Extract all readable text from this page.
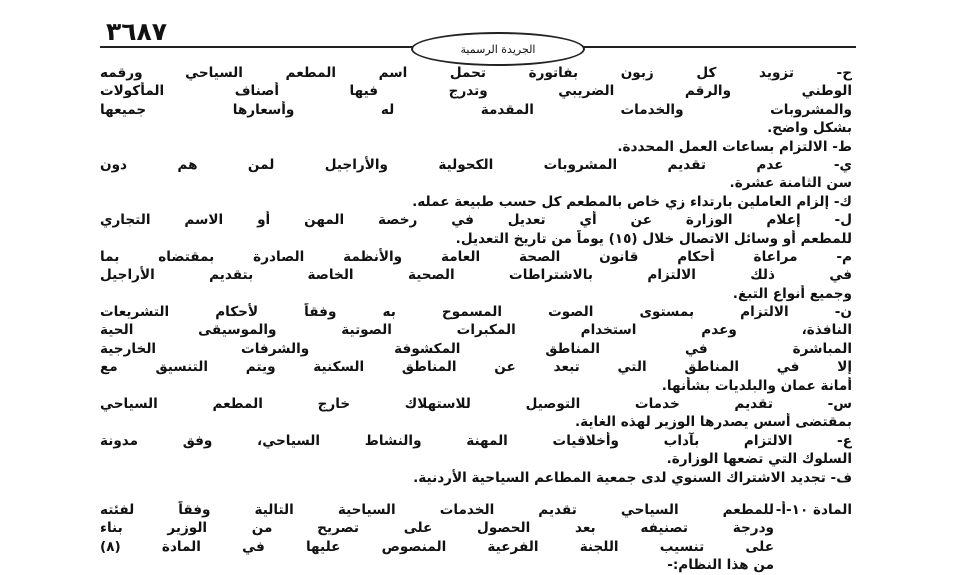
٣٦٨٧
الجريدة الرسمية
ح- تزويد كل زبون بفاتورة تحمل اسم المطعم السياحي ورقمه
الوطني والرقم الضريبي وتدرج فيها أصناف المأكولات
والمشروبات والخدمات المقدمة له وأسعارها جميعها
بشكل واضح.
ط- الالتزام بساعات العمل المحددة.
ي- عدم تقديم المشروبات الكحولية والأراجيل لمن هم دون
سن الثامنة عشرة.
ك- إلزام العاملين بارتداء زي خاص بالمطعم كل حسب طبيعة عمله.
ل- إعلام الوزارة عن أي تعديل في رخصة المهن أو الاسم التجاري
للمطعم أو وسائل الاتصال خلال (١٥) يوماً من تاريخ التعديل.
م- مراعاة أحكام قانون الصحة العامة والأنظمة الصادرة بمقتضاه بما
في ذلك الالتزام بالاشتراطات الصحية الخاصة بتقديم الأراجيل
وجميع أنواع التبغ.
ن- الالتزام بمستوى الصوت المسموح به وفقاً لأحكام التشريعات
النافذة، وعدم استخدام المكبرات الصوتية والموسيقى الحية
المباشرة في المناطق المكشوفة والشرفات الخارجية
إلا في المناطق التي تبعد عن المناطق السكنية ويتم التنسيق مع
أمانة عمان والبلديات بشأنها.
س- تقديم خدمات التوصيل للاستهلاك خارج المطعم السياحي
بمقتضى أسس يصدرها الوزير لهذه الغاية.
ع- الالتزام بآداب وأخلاقيات المهنة والنشاط السياحي، وفق مدونة
السلوك التي تضعها الوزارة.
ف- تجديد الاشتراك السنوي لدى جمعية المطاعم السياحية الأردنية.
المادة ١٠-أ-
للمطعم السياحي تقديم الخدمات السياحية التالية وفقاً لفئته
ودرجة تصنيفه بعد الحصول على تصريح من الوزير بناء
على تنسيب اللجنة الفرعية المنصوص عليها في المادة (٨)
من هذا النظام:-
